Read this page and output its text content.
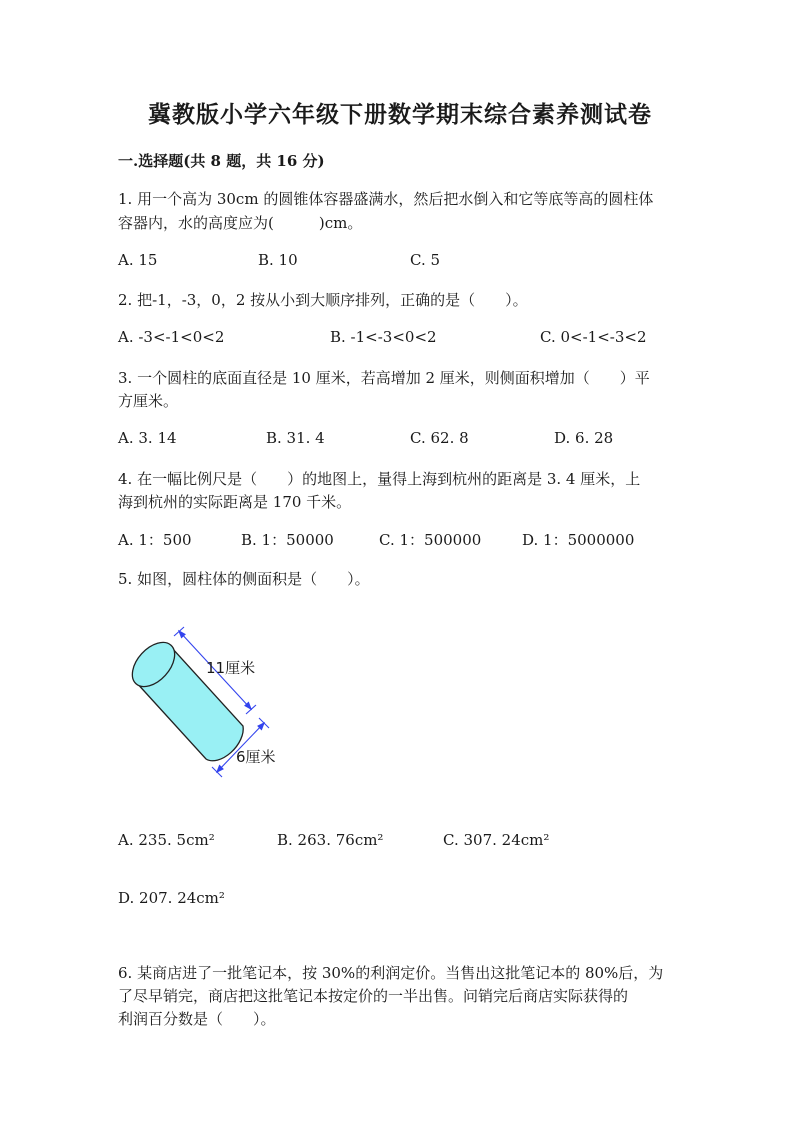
冀教版小学六年级下册数学期末综合素养测试卷
一.选择题(共 8 题，共 16 分)
1. 用一个高为 30cm 的圆锥体容器盛满水，然后把水倒入和它等底等高的圆柱体
容器内，水的高度应为(　　　)cm。
A. 15	B. 10	C. 5
2. 把-1，-3，0，2 按从小到大顺序排列，正确的是（　　）。
A. -3<-1<0<2	B. -1<-3<0<2	C. 0<-1<-3<2
3. 一个圆柱的底面直径是 10 厘米，若高增加 2 厘米，则侧面积增加（　　）平
方厘米。
A. 3. 14	B. 31. 4	C. 62. 8	D. 6. 28
4. 在一幅比例尺是（　　）的地图上，量得上海到杭州的距离是 3. 4 厘米，上
海到杭州的实际距离是 170 千米。
A. 1：500	B. 1：50000	C. 1：500000	D. 1：5000000
5. 如图，圆柱体的侧面积是（　　）。
11厘米
6厘米
A. 235. 5cm²	B. 263. 76cm²	C. 307. 24cm²
D. 207. 24cm²
6. 某商店进了一批笔记本，按 30%的利润定价。当售出这批笔记本的 80%后，为
了尽早销完，商店把这批笔记本按定价的一半出售。问销完后商店实际获得的
利润百分数是（　　）。
